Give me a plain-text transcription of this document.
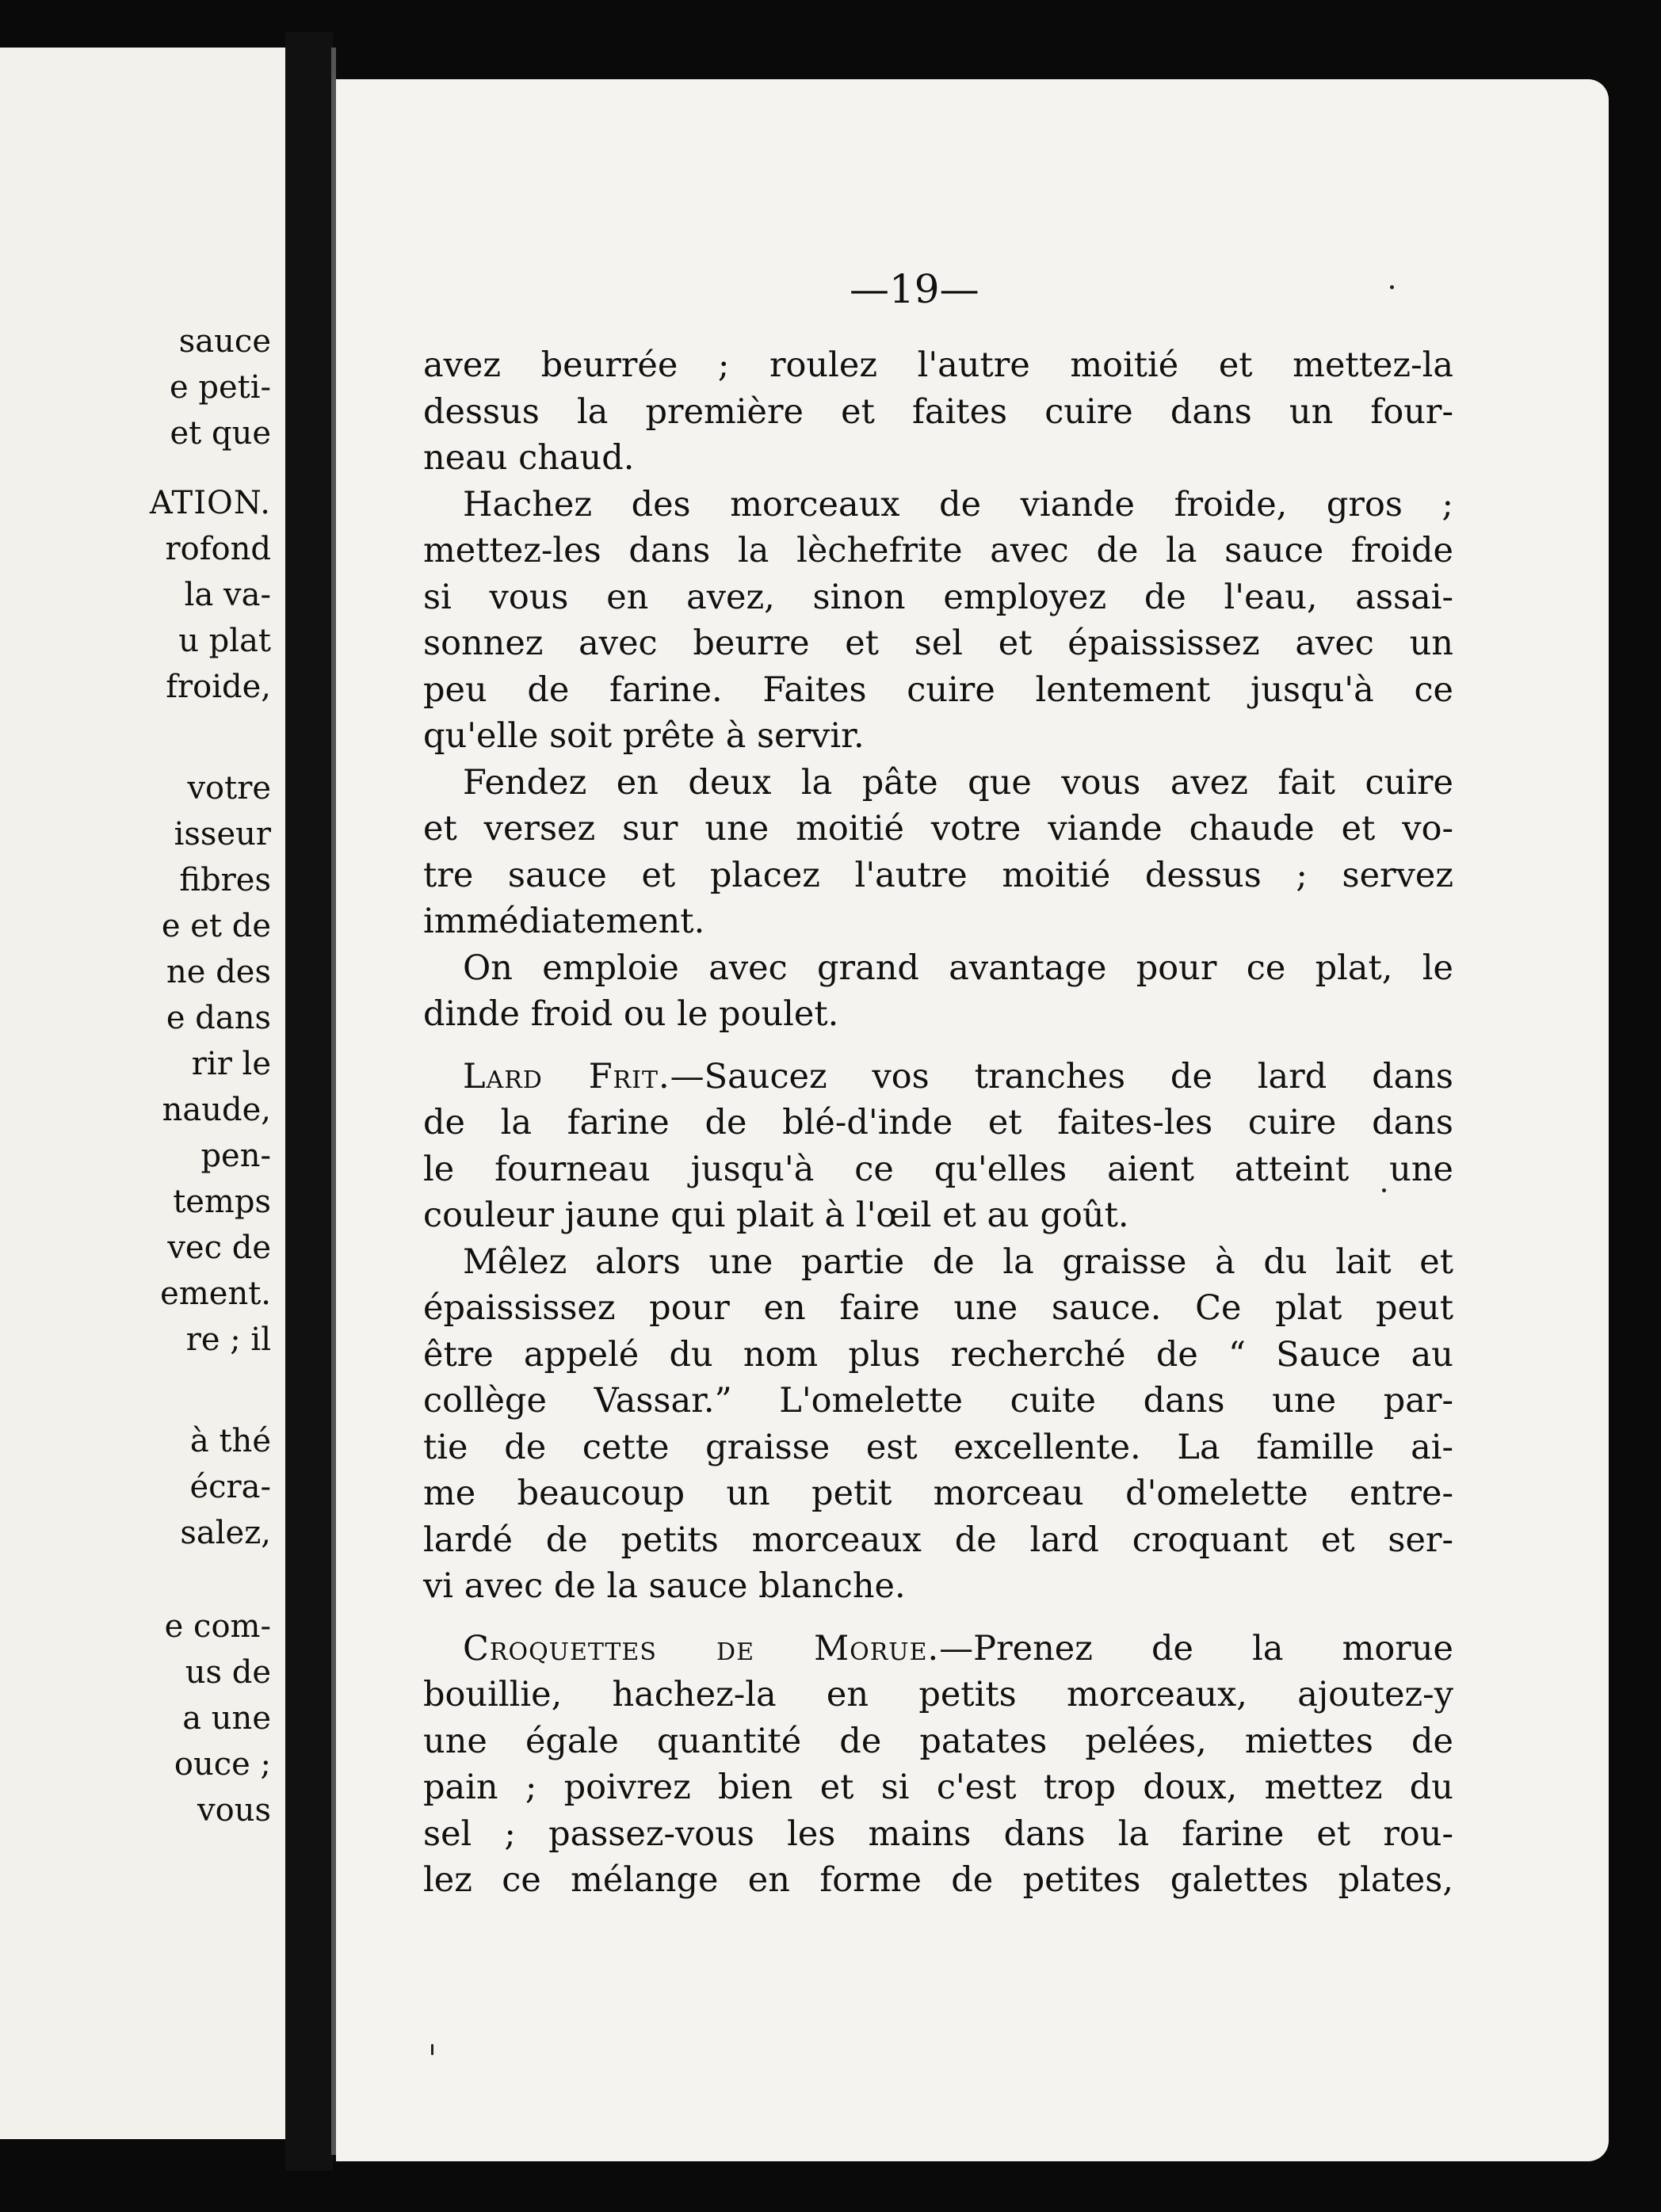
sauce
e peti-
et que
ATION.
rofond
la va-
u plat
froide,
votre
isseur
fibres
e et de
ne des
e dans
rir le
naude,
pen-
temps
vec de
ement.
re ; il
à thé
écra-
salez,
e com-
us de
a une
ouce ;
vous
—19—
avez beurrée ; roulez l'autre moitié et mettez-la
dessus la première et faites cuire dans un four-
neau chaud.
Hachez des morceaux de viande froide, gros ;
mettez-les dans la lèchefrite avec de la sauce froide
si vous en avez, sinon employez de l'eau, assai-
sonnez avec beurre et sel et épaississez avec un
peu de farine. Faites cuire lentement jusqu'à ce
qu'elle soit prête à servir.
Fendez en deux la pâte que vous avez fait cuire
et versez sur une moitié votre viande chaude et vo-
tre sauce et placez l'autre moitié dessus ; servez
immédiatement.
On emploie avec grand avantage pour ce plat, le
dinde froid ou le poulet.
Lard Frit.—Saucez vos tranches de lard dans
de la farine de blé-d'inde et faites-les cuire dans
le fourneau jusqu'à ce qu'elles aient atteint une
couleur jaune qui plait à l'œil et au goût.
Mêlez alors une partie de la graisse à du lait et
épaississez pour en faire une sauce. Ce plat peut
être appelé du nom plus recherché de “ Sauce au
collège Vassar.” L'omelette cuite dans une par-
tie de cette graisse est excellente. La famille ai-
me beaucoup un petit morceau d'omelette entre-
lardé de petits morceaux de lard croquant et ser-
vi avec de la sauce blanche.
Croquettes de Morue.—Prenez de la morue
bouillie, hachez-la en petits morceaux, ajoutez-y
une égale quantité de patates pelées, miettes de
pain ; poivrez bien et si c'est trop doux, mettez du
sel ; passez-vous les mains dans la farine et rou-
lez ce mélange en forme de petites galettes plates,
